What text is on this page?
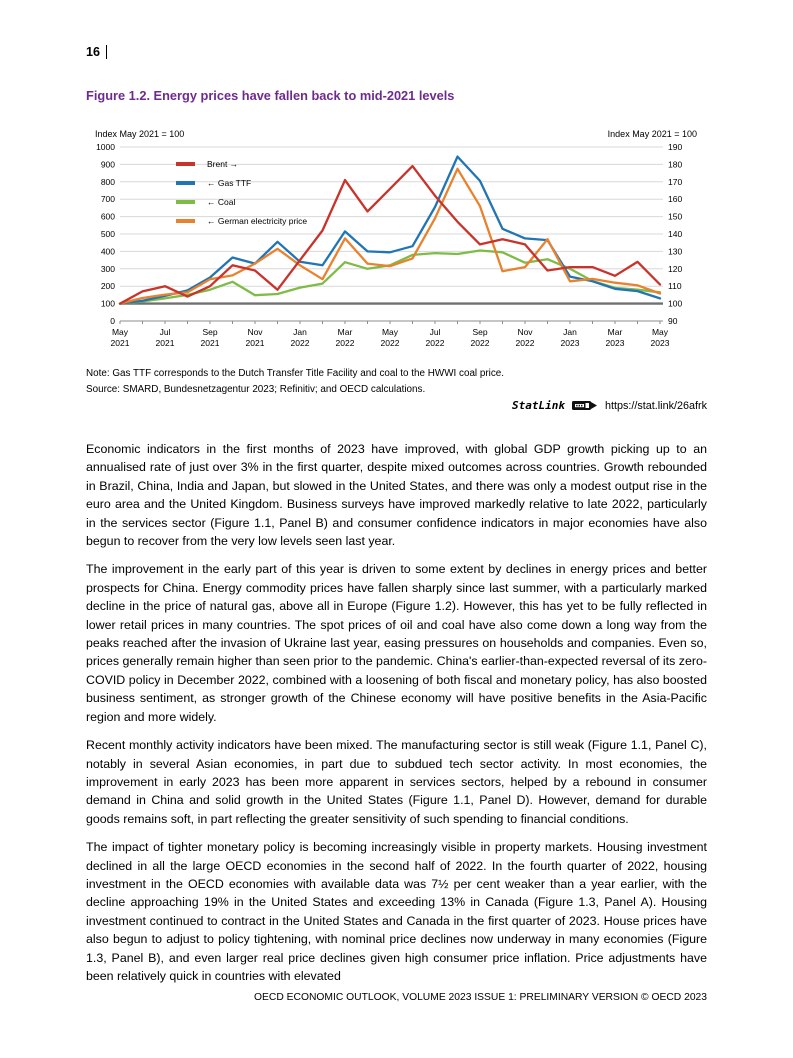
16
Figure 1.2. Energy prices have fallen back to mid-2021 levels
Index May 2021 = 100	Index May 2021 = 100
0
100
200
300
400
500
600
700
800
900
1000
90
100
110
120
130
140
150
160
170
180
190
May 2021
Jul 2021
Sep 2021
Nov 2021
Jan 2022
Mar 2022
May 2022
Jul 2022
Sep 2022
Nov 2022
Jan 2023
Mar 2023
May 2023
Brent →
← Gas TTF
← Coal
← German electricity price
Note: Gas TTF corresponds to the Dutch Transfer Title Facility and coal to the HWWI coal price.
Source: SMARD, Bundesnetzagentur 2023; Refinitiv; and OECD calculations.
StatLink	https://stat.link/26afrk

Economic indicators in the first months of 2023 have improved, with global GDP growth picking up to an annualised rate of just over 3% in the first quarter, despite mixed outcomes across countries. Growth rebounded in Brazil, China, India and Japan, but slowed in the United States, and there was only a modest output rise in the euro area and the United Kingdom. Business surveys have improved markedly relative to late 2022, particularly in the services sector (Figure 1.1, Panel B) and consumer confidence indicators in major economies have also begun to recover from the very low levels seen last year.

The improvement in the early part of this year is driven to some extent by declines in energy prices and better prospects for China. Energy commodity prices have fallen sharply since last summer, with a particularly marked decline in the price of natural gas, above all in Europe (Figure 1.2). However, this has yet to be fully reflected in lower retail prices in many countries. The spot prices of oil and coal have also come down a long way from the peaks reached after the invasion of Ukraine last year, easing pressures on households and companies. Even so, prices generally remain higher than seen prior to the pandemic. China's earlier-than-expected reversal of its zero-COVID policy in December 2022, combined with a loosening of both fiscal and monetary policy, has also boosted business sentiment, as stronger growth of the Chinese economy will have positive benefits in the Asia-Pacific region and more widely.

Recent monthly activity indicators have been mixed. The manufacturing sector is still weak (Figure 1.1, Panel C), notably in several Asian economies, in part due to subdued tech sector activity. In most economies, the improvement in early 2023 has been more apparent in services sectors, helped by a rebound in consumer demand in China and solid growth in the United States (Figure 1.1, Panel D). However, demand for durable goods remains soft, in part reflecting the greater sensitivity of such spending to financial conditions.

The impact of tighter monetary policy is becoming increasingly visible in property markets. Housing investment declined in all the large OECD economies in the second half of 2022. In the fourth quarter of 2022, housing investment in the OECD economies with available data was 7½ per cent weaker than a year earlier, with the decline approaching 19% in the United States and exceeding 13% in Canada (Figure 1.3, Panel A). Housing investment continued to contract in the United States and Canada in the first quarter of 2023. House prices have also begun to adjust to policy tightening, with nominal price declines now underway in many economies (Figure 1.3, Panel B), and even larger real price declines given high consumer price inflation. Price adjustments have been relatively quick in countries with elevated

OECD ECONOMIC OUTLOOK, VOLUME 2023 ISSUE 1: PRELIMINARY VERSION © OECD 2023
